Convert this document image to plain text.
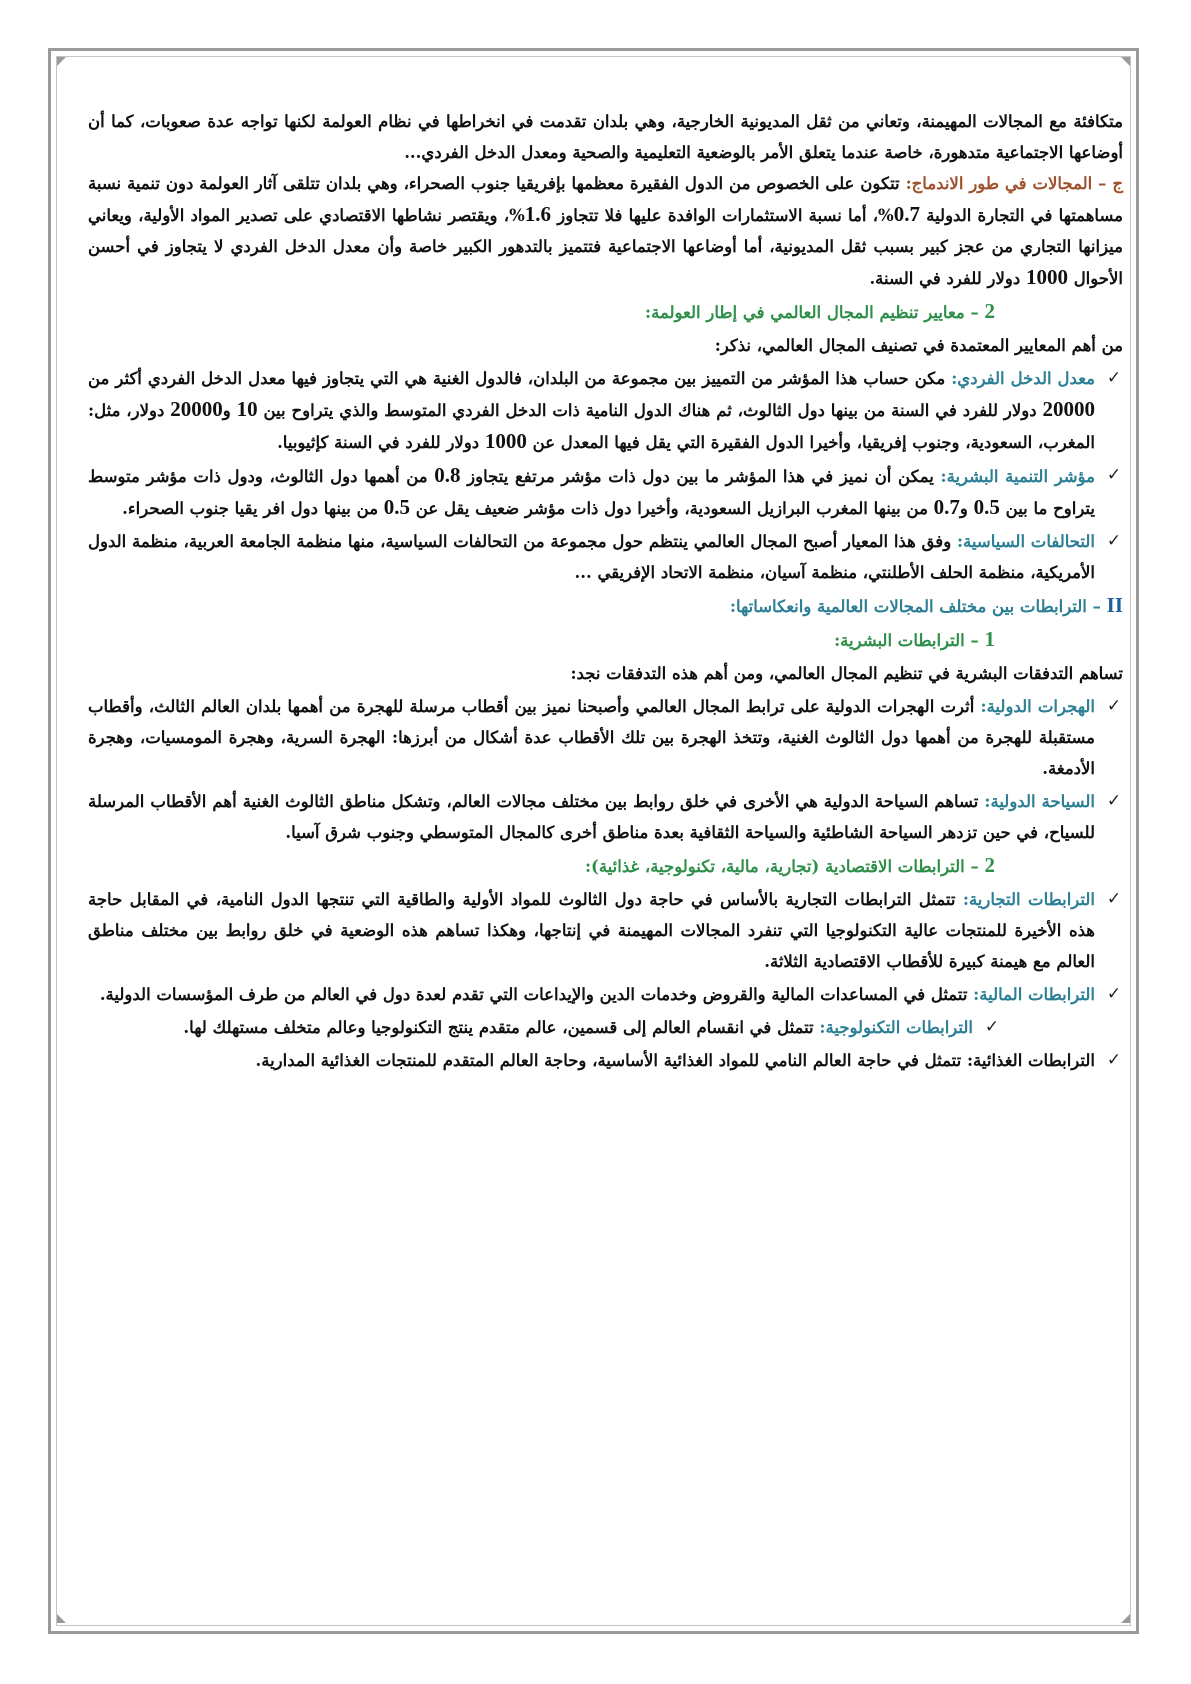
متكافئة مع المجالات المهيمنة، وتعاني من ثقل المديونية الخارجية، وهي بلدان تقدمت في انخراطها في نظام العولمة لكنها تواجه عدة صعوبات، كما أن أوضاعها الاجتماعية متدهورة، خاصة عندما يتعلق الأمر بالوضعية التعليمية والصحية ومعدل الدخل الفردي...

ج – المجالات في طور الاندماج: تتكون على الخصوص من الدول الفقيرة معظمها بإفريقيا جنوب الصحراء، وهي بلدان تتلقى آثار العولمة دون تنمية نسبة مساهمتها في التجارة الدولية 0.7%، أما نسبة الاستثمارات الوافدة عليها فلا تتجاوز 1.6%، ويقتصر نشاطها الاقتصادي على تصدير المواد الأولية، ويعاني ميزانها التجاري من عجز كبير بسبب ثقل المديونية، أما أوضاعها الاجتماعية فتتميز بالتدهور الكبير خاصة وأن معدل الدخل الفردي لا يتجاوز في أحسن الأحوال 1000 دولار للفرد في السنة.

2 – معايير تنظيم المجال العالمي في إطار العولمة:

من أهم المعايير المعتمدة في تصنيف المجال العالمي، نذكر:

✓
معدل الدخل الفردي: مكن حساب هذا المؤشر من التمييز بين مجموعة من البلدان، فالدول الغنية هي التي يتجاوز فيها معدل الدخل الفردي أكثر من 20000 دولار للفرد في السنة من بينها دول الثالوث، ثم هناك الدول النامية ذات الدخل الفردي المتوسط والذي يتراوح بين 10 و20000 دولار، مثل: المغرب، السعودية، وجنوب إفريقيا، وأخيرا الدول الفقيرة التي يقل فيها المعدل عن 1000 دولار للفرد في السنة كإثيوبيا.
✓
مؤشر التنمية البشرية: يمكن أن نميز في هذا المؤشر ما بين دول ذات مؤشر مرتفع يتجاوز 0.8 من أهمها دول الثالوث، ودول ذات مؤشر متوسط يتراوح ما بين 0.5 و0.7 من بينها المغرب البرازيل السعودية، وأخيرا دول ذات مؤشر ضعيف يقل عن 0.5 من بينها دول افر يقيا جنوب الصحراء.
✓
التحالفات السياسية: وفق هذا المعيار أصبح المجال العالمي ينتظم حول مجموعة من التحالفات السياسية، منها منظمة الجامعة العربية، منظمة الدول الأمريكية، منظمة الحلف الأطلنتي، منظمة آسيان، منظمة الاتحاد الإفريقي ...

II – الترابطات بين مختلف المجالات العالمية وانعكاساتها:

1 – الترابطات البشرية:

تساهم التدفقات البشرية في تنظيم المجال العالمي، ومن أهم هذه التدفقات نجد:

✓
الهجرات الدولية: أثرت الهجرات الدولية على ترابط المجال العالمي وأصبحنا نميز بين أقطاب مرسلة للهجرة من أهمها بلدان العالم الثالث، وأقطاب مستقبلة للهجرة من أهمها دول الثالوث الغنية، وتتخذ الهجرة بين تلك الأقطاب عدة أشكال من أبرزها: الهجرة السرية، وهجرة المومسيات، وهجرة الأدمغة.
✓
السياحة الدولية: تساهم السياحة الدولية هي الأخرى في خلق روابط بين مختلف مجالات العالم، وتشكل مناطق الثالوث الغنية أهم الأقطاب المرسلة للسياح، في حين تزدهر السياحة الشاطئية والسياحة الثقافية بعدة مناطق أخرى كالمجال المتوسطي وجنوب شرق آسيا.

2 – الترابطات الاقتصادية (تجارية، مالية، تكنولوجية، غذائية):

✓
الترابطات التجارية: تتمثل الترابطات التجارية بالأساس في حاجة دول الثالوث للمواد الأولية والطاقية التي تنتجها الدول النامية، في المقابل حاجة هذه الأخيرة للمنتجات عالية التكنولوجيا التي تنفرد المجالات المهيمنة في إنتاجها، وهكذا تساهم هذه الوضعية في خلق روابط بين مختلف مناطق العالم مع هيمنة كبيرة للأقطاب الاقتصادية الثلاثة.
✓
الترابطات المالية: تتمثل في المساعدات المالية والقروض وخدمات الدين والإيداعات التي تقدم لعدة دول في العالم من طرف المؤسسات الدولية.
✓
الترابطات التكنولوجية: تتمثل في انقسام العالم إلى قسمين، عالم متقدم ينتج التكنولوجيا وعالم متخلف مستهلك لها.
✓
الترابطات الغذائية: تتمثل في حاجة العالم النامي للمواد الغذائية الأساسية، وحاجة العالم المتقدم للمنتجات الغذائية المدارية.
